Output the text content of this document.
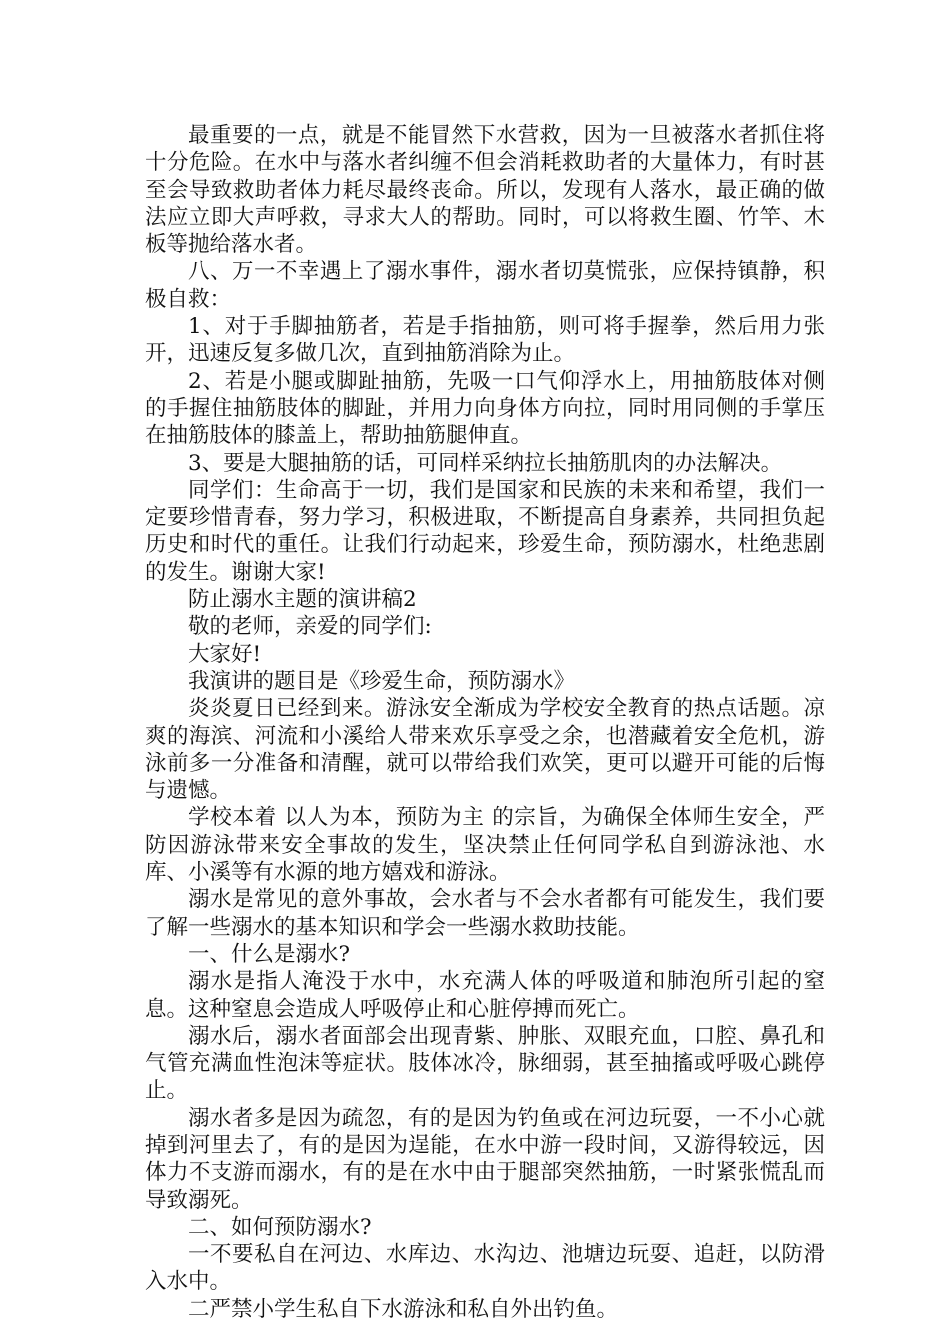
最重要的一点，就是不能冒然下水营救，因为一旦被落水者抓住将十分危险。在水中与落水者纠缠不但会消耗救助者的大量体力，有时甚至会导致救助者体力耗尽最终丧命。所以，发现有人落水，最正确的做法应立即大声呼救，寻求大人的帮助。同时，可以将救生圈、竹竿、木板等抛给落水者。

八、万一不幸遇上了溺水事件，溺水者切莫慌张，应保持镇静，积极自救：

1、对于手脚抽筋者，若是手指抽筋，则可将手握拳，然后用力张开，迅速反复多做几次，直到抽筋消除为止。

2、若是小腿或脚趾抽筋，先吸一口气仰浮水上，用抽筋肢体对侧的手握住抽筋肢体的脚趾，并用力向身体方向拉，同时用同侧的手掌压在抽筋肢体的膝盖上，帮助抽筋腿伸直。

3、要是大腿抽筋的话，可同样采纳拉长抽筋肌肉的办法解决。

同学们：生命高于一切，我们是国家和民族的未来和希望，我们一定要珍惜青春，努力学习，积极进取，不断提高自身素养，共同担负起历史和时代的重任。让我们行动起来，珍爱生命，预防溺水，杜绝悲剧的发生。谢谢大家!

防止溺水主题的演讲稿2

敬的老师，亲爱的同学们:

大家好!

我演讲的题目是《珍爱生命，预防溺水》

炎炎夏日已经到来。游泳安全渐成为学校安全教育的热点话题。凉爽的海滨、河流和小溪给人带来欢乐享受之余，也潜藏着安全危机，游泳前多一分准备和清醒，就可以带给我们欢笑，更可以避开可能的后悔与遗憾。

学校本着 以人为本，预防为主 的宗旨，为确保全体师生安全，严防因游泳带来安全事故的发生，坚决禁止任何同学私自到游泳池、水库、小溪等有水源的地方嬉戏和游泳。

溺水是常见的意外事故，会水者与不会水者都有可能发生，我们要了解一些溺水的基本知识和学会一些溺水救助技能。

一、什么是溺水?

溺水是指人淹没于水中，水充满人体的呼吸道和肺泡所引起的窒息。这种窒息会造成人呼吸停止和心脏停搏而死亡。

溺水后，溺水者面部会出现青紫、肿胀、双眼充血，口腔、鼻孔和气管充满血性泡沫等症状。肢体冰冷，脉细弱，甚至抽搐或呼吸心跳停止。

溺水者多是因为疏忽，有的是因为钓鱼或在河边玩耍，一不小心就掉到河里去了，有的是因为逞能，在水中游一段时间，又游得较远，因体力不支游而溺水，有的是在水中由于腿部突然抽筋，一时紧张慌乱而导致溺死。

二、如何预防溺水?

一不要私自在河边、水库边、水沟边、池塘边玩耍、追赶，以防滑入水中。

二严禁小学生私自下水游泳和私自外出钓鱼。
